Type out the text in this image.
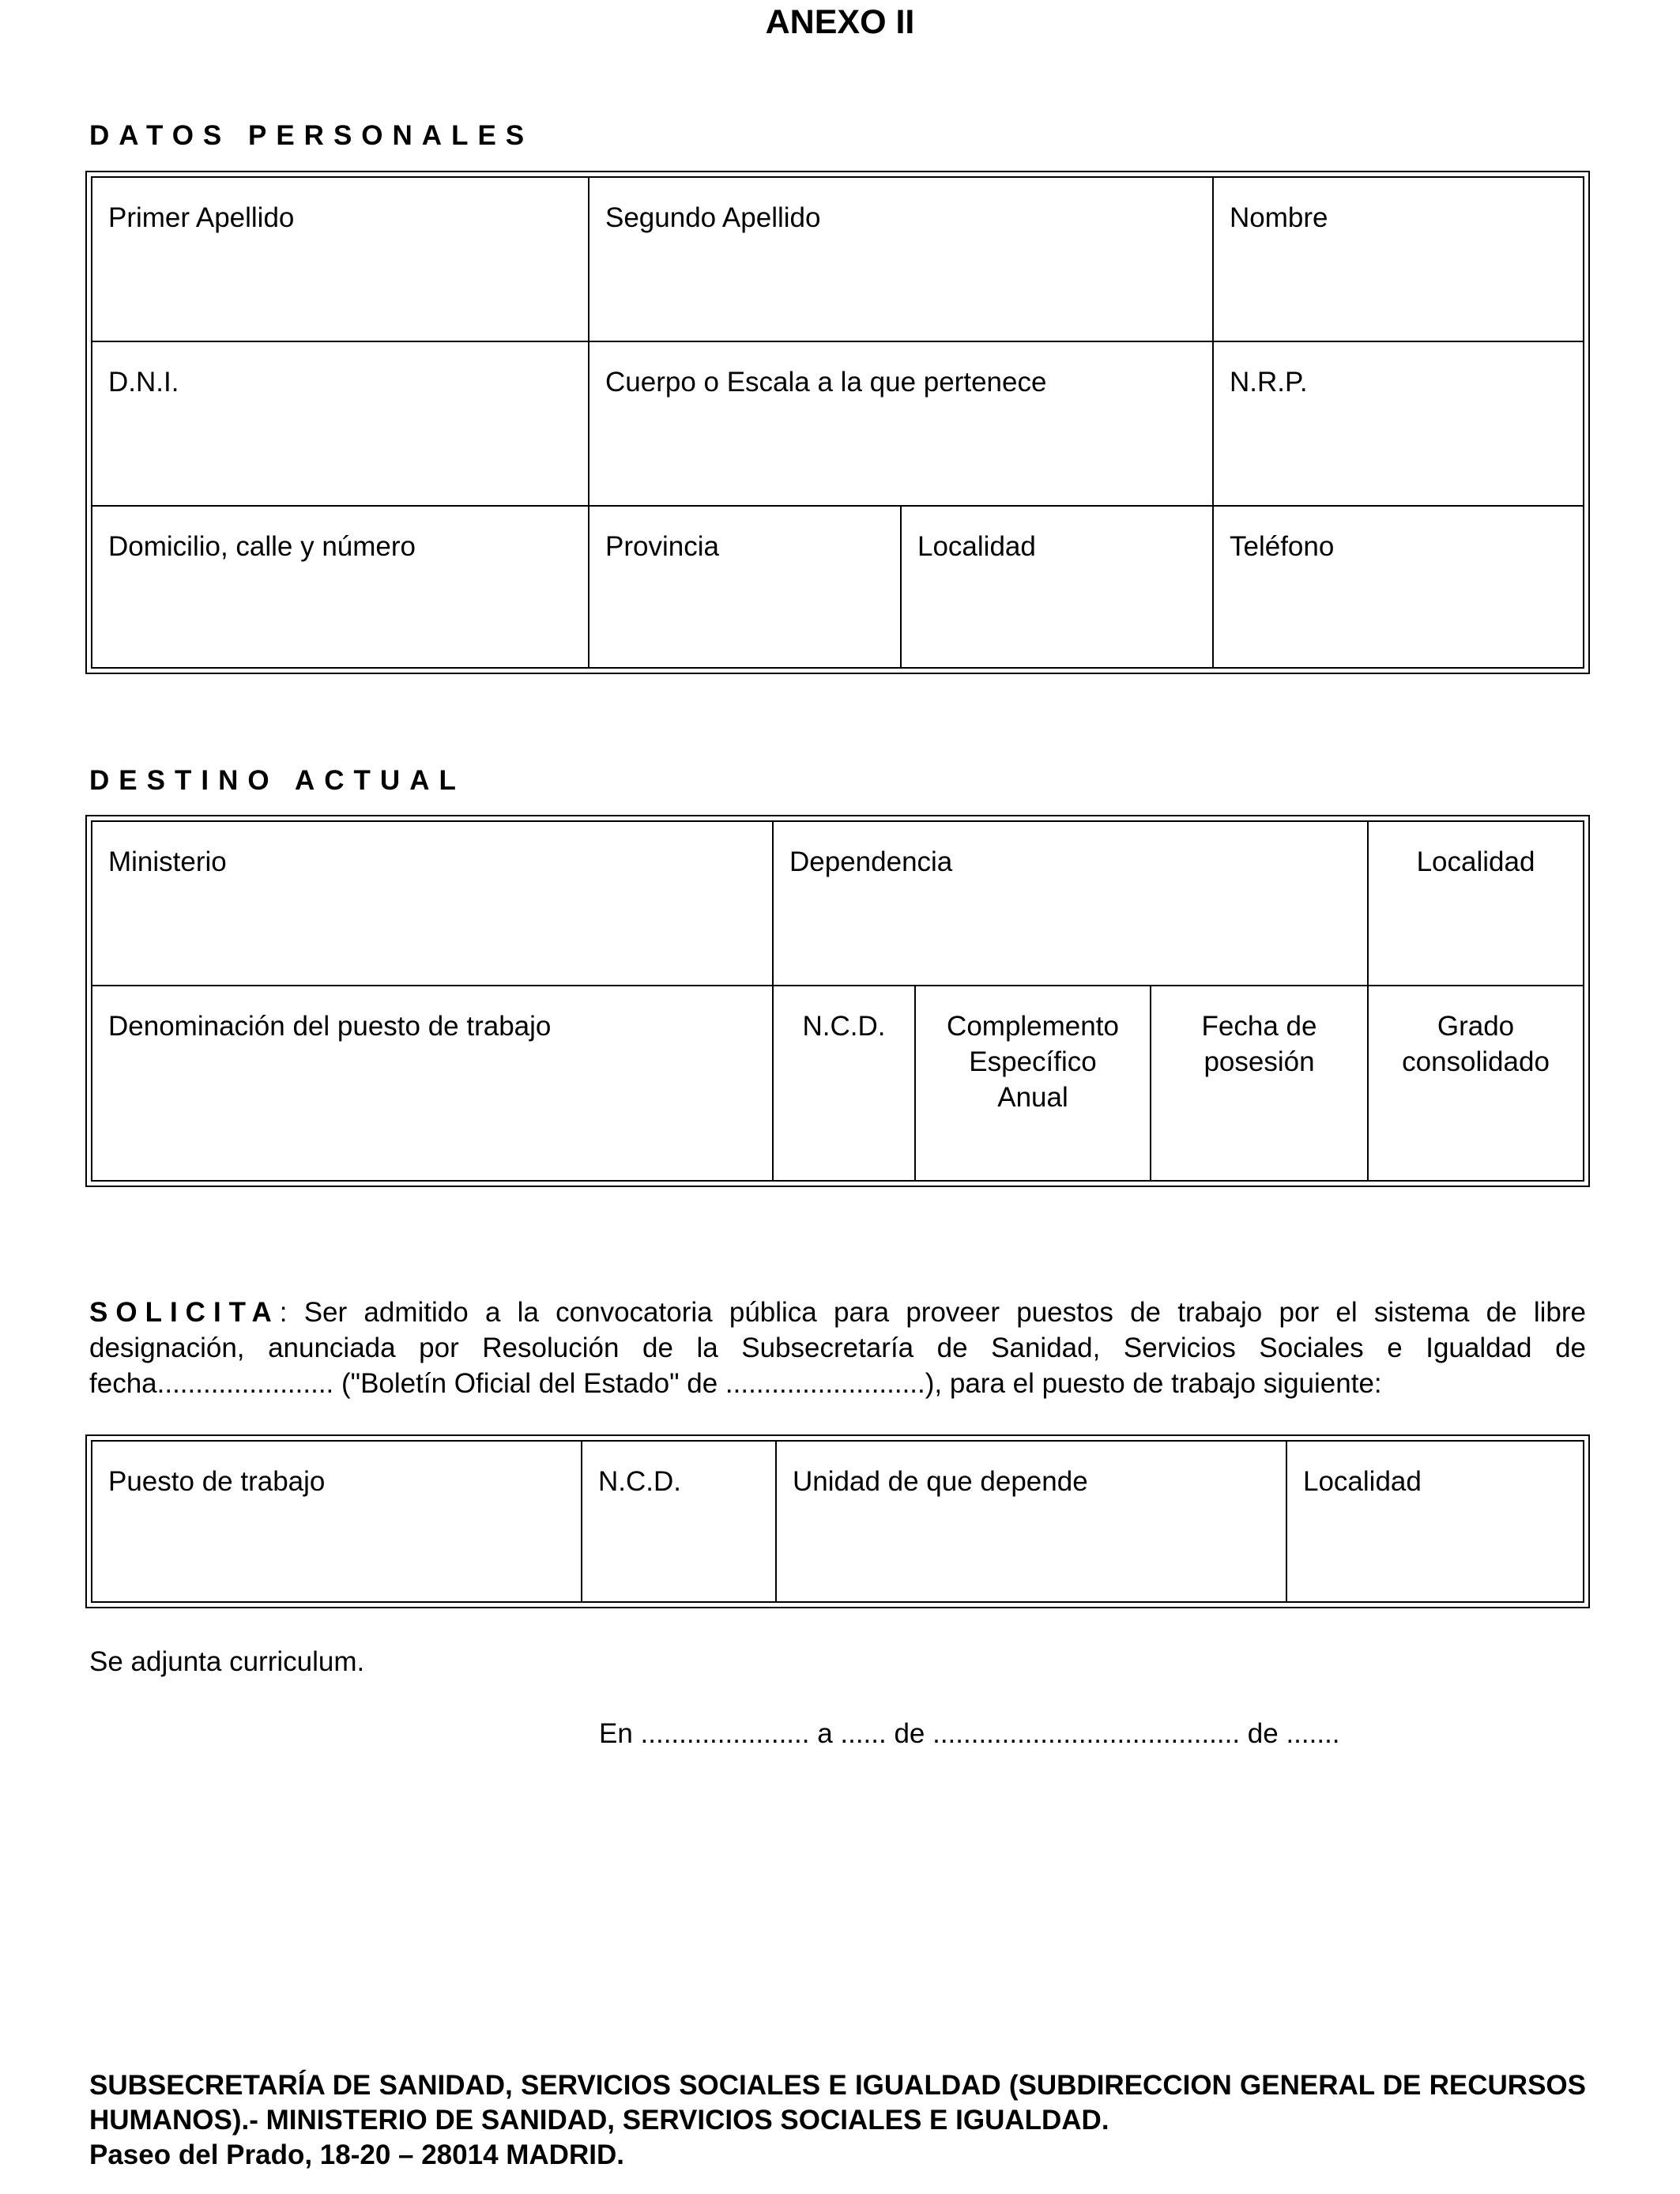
ANEXO II
DATOS PERSONALES
Primer Apellido	Segundo Apellido		Nombre
D.N.I.	Cuerpo o Escala a la que pertenece		N.R.P.
Domicilio, calle y número	Provincia	Localidad	Teléfono
DESTINO ACTUAL
Ministerio	Dependencia			Localidad
Denominación del puesto de trabajo	N.C.D.	Complemento Específico Anual	Fecha de posesión	Grado consolidado
SOLICITA: Ser admitido a la convocatoria pública para proveer puestos de trabajo por el sistema de libre designación, anunciada por Resolución de la Subsecretaría de Sanidad, Servicios Sociales e Igualdad de fecha....................... ("Boletín Oficial del Estado" de ..........................), para el puesto de trabajo siguiente:
Puesto de trabajo	N.C.D.	Unidad de que depende	Localidad
Se adjunta curriculum.
En ...................... a ...... de ........................................ de .......
SUBSECRETARÍA DE SANIDAD, SERVICIOS SOCIALES E IGUALDAD (SUBDIRECCION GENERAL DE RECURSOS HUMANOS).- MINISTERIO DE SANIDAD, SERVICIOS SOCIALES E IGUALDAD.
Paseo del Prado, 18-20 – 28014 MADRID.
